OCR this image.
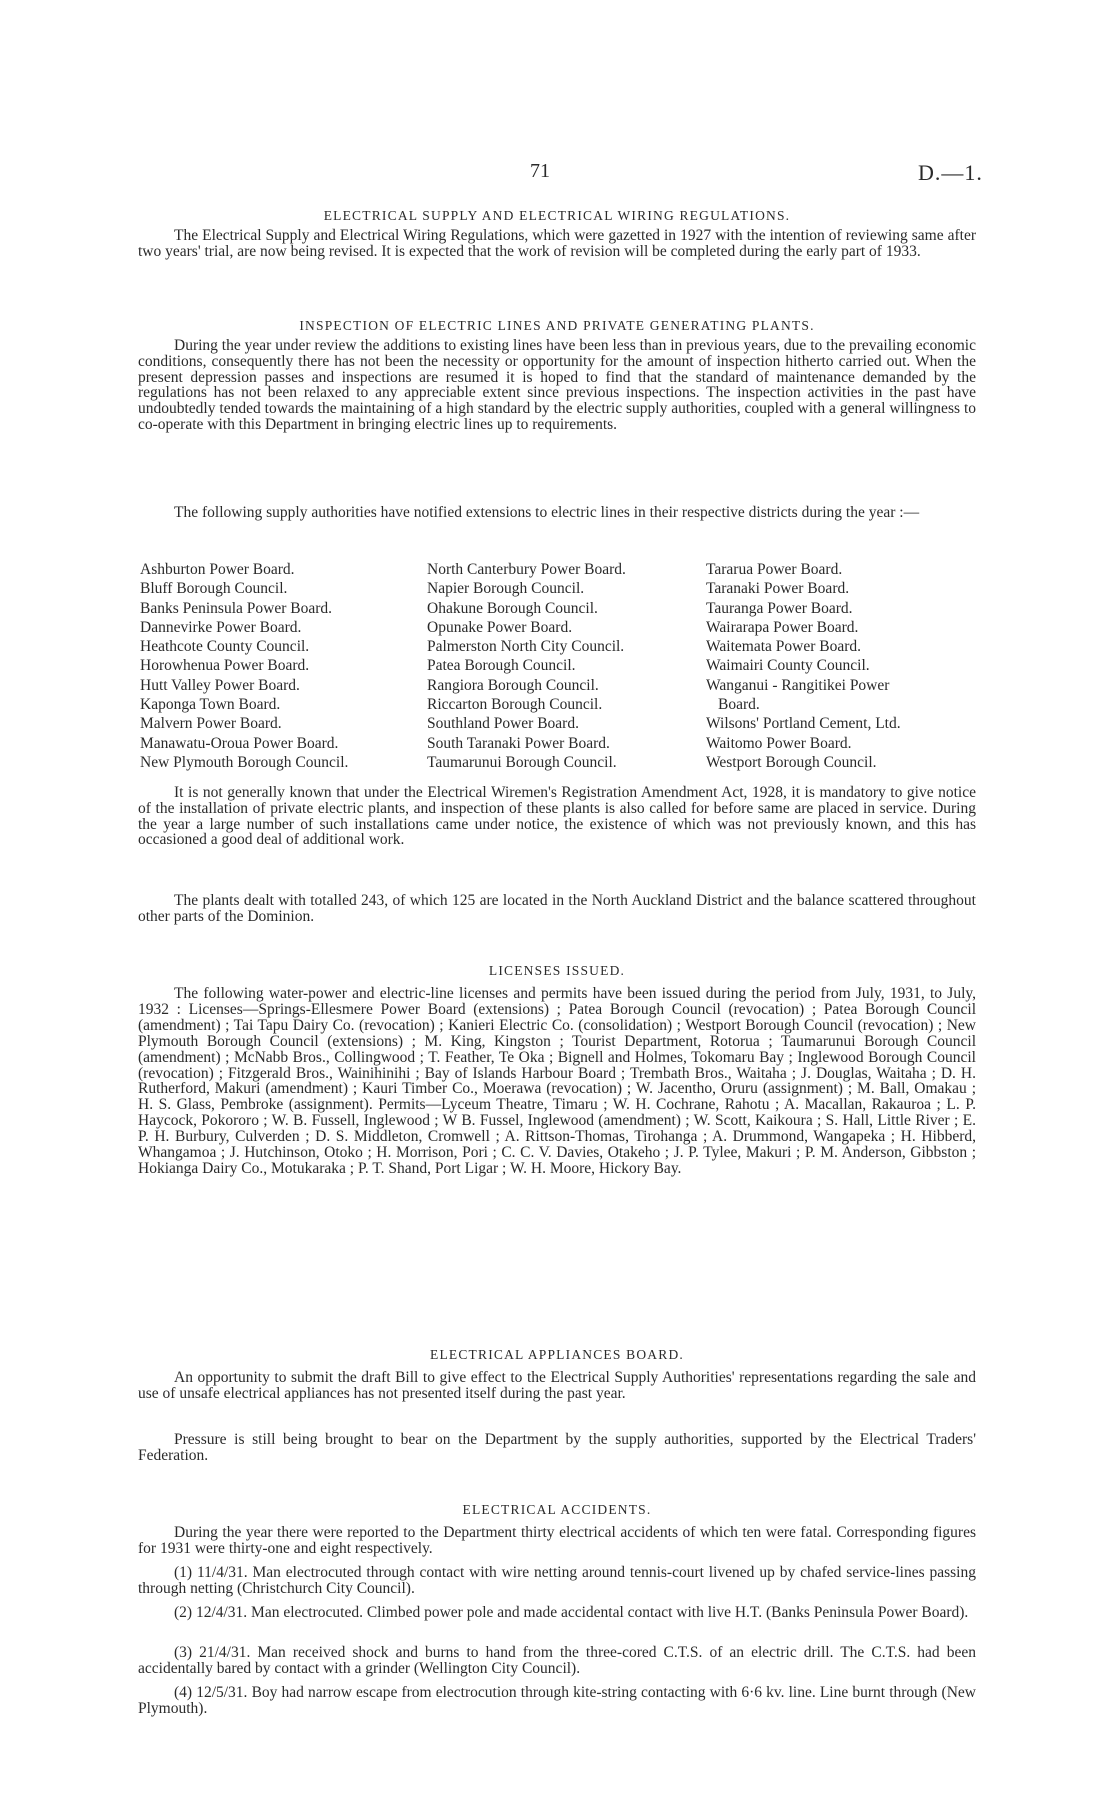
71	D.—1.
ELECTRICAL SUPPLY AND ELECTRICAL WIRING REGULATIONS.

The Electrical Supply and Electrical Wiring Regulations, which were gazetted in 1927 with the intention of reviewing same after two years' trial, are now being revised. It is expected that the work of revision will be completed during the early part of 1933.

INSPECTION OF ELECTRIC LINES AND PRIVATE GENERATING PLANTS.

During the year under review the additions to existing lines have been less than in previous years, due to the prevailing economic conditions, consequently there has not been the necessity or opportunity for the amount of inspection hitherto carried out. When the present depression passes and inspections are resumed it is hoped to find that the standard of maintenance demanded by the regulations has not been relaxed to any appreciable extent since previous inspections. The inspection activities in the past have undoubtedly tended towards the maintaining of a high standard by the electric supply authorities, coupled with a general willingness to co-operate with this Department in bringing electric lines up to requirements.

The following supply authorities have notified extensions to electric lines in their respective districts during the year :—

Ashburton Power Board.
Bluff Borough Council.
Banks Peninsula Power Board.
Dannevirke Power Board.
Heathcote County Council.
Horowhenua Power Board.
Hutt Valley Power Board.
Kaponga Town Board.
Malvern Power Board.
Manawatu-Oroua Power Board.
New Plymouth Borough Council.
North Canterbury Power Board.
Napier Borough Council.
Ohakune Borough Council.
Opunake Power Board.
Palmerston North City Council.
Patea Borough Council.
Rangiora Borough Council.
Riccarton Borough Council.
Southland Power Board.
South Taranaki Power Board.
Taumarunui Borough Council.
Tararua Power Board.
Taranaki Power Board.
Tauranga Power Board.
Wairarapa Power Board.
Waitemata Power Board.
Waimairi County Council.
Wanganui - Rangitikei Power
Board.
Wilsons' Portland Cement, Ltd.
Waitomo Power Board.
Westport Borough Council.

It is not generally known that under the Electrical Wiremen's Registration Amendment Act, 1928, it is mandatory to give notice of the installation of private electric plants, and inspection of these plants is also called for before same are placed in service. During the year a large number of such installations came under notice, the existence of which was not previously known, and this has occasioned a good deal of additional work.

The plants dealt with totalled 243, of which 125 are located in the North Auckland District and the balance scattered throughout other parts of the Dominion.

LICENSES ISSUED.

The following water-power and electric-line licenses and permits have been issued during the period from July, 1931, to July, 1932 : Licenses—Springs-Ellesmere Power Board (extensions) ; Patea Borough Council (revocation) ; Patea Borough Council (amendment) ; Tai Tapu Dairy Co. (revocation) ; Kanieri Electric Co. (consolidation) ; Westport Borough Council (revocation) ; New Plymouth Borough Council (extensions) ; M. King, Kingston ; Tourist Department, Rotorua ; Taumarunui Borough Council (amendment) ; McNabb Bros., Collingwood ; T. Feather, Te Oka ; Bignell and Holmes, Tokomaru Bay ; Inglewood Borough Council (revocation) ; Fitzgerald Bros., Wainihinihi ; Bay of Islands Harbour Board ; Trembath Bros., Waitaha ; J. Douglas, Waitaha ; D. H. Rutherford, Makuri (amendment) ; Kauri Timber Co., Moerawa (revocation) ; W. Jacentho, Oruru (assignment) ; M. Ball, Omakau ; H. S. Glass, Pembroke (assignment). Permits—Lyceum Theatre, Timaru ; W. H. Cochrane, Rahotu ; A. Macallan, Rakauroa ; L. P. Haycock, Pokororo ; W. B. Fussell, Inglewood ; W B. Fussel, Inglewood (amendment) ; W. Scott, Kaikoura ; S. Hall, Little River ; E. P. H. Burbury, Culverden ; D. S. Middleton, Cromwell ; A. Rittson-Thomas, Tirohanga ; A. Drummond, Wangapeka ; H. Hibberd, Whangamoa ; J. Hutchinson, Otoko ; H. Morrison, Pori ; C. C. V. Davies, Otakeho ; J. P. Tylee, Makuri ; P. M. Anderson, Gibbston ; Hokianga Dairy Co., Motukaraka ; P. T. Shand, Port Ligar ; W. H. Moore, Hickory Bay.

ELECTRICAL APPLIANCES BOARD.

An opportunity to submit the draft Bill to give effect to the Electrical Supply Authorities' representations regarding the sale and use of unsafe electrical appliances has not presented itself during the past year.

Pressure is still being brought to bear on the Department by the supply authorities, supported by the Electrical Traders' Federation.

ELECTRICAL ACCIDENTS.

During the year there were reported to the Department thirty electrical accidents of which ten were fatal. Corresponding figures for 1931 were thirty-one and eight respectively.

(1) 11/4/31. Man electrocuted through contact with wire netting around tennis-court livened up by chafed service-lines passing through netting (Christchurch City Council).

(2) 12/4/31. Man electrocuted. Climbed power pole and made accidental contact with live H.T. (Banks Peninsula Power Board).

(3) 21/4/31. Man received shock and burns to hand from the three-cored C.T.S. of an electric drill. The C.T.S. had been accidentally bared by contact with a grinder (Wellington City Council).

(4) 12/5/31. Boy had narrow escape from electrocution through kite-string contacting with 6·6 kv. line. Line burnt through (New Plymouth).
